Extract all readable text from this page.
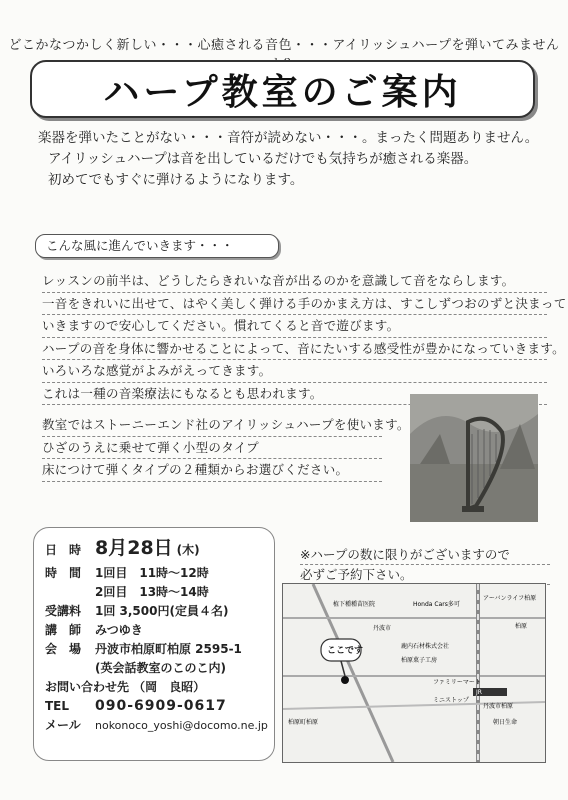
どこかなつかしく新しい・・・心癒される音色・・・アイリッシュハープを弾いてみません
ハープ教室のご案内
楽器を弾いたことがない・・・音符が読めない・・・。まったく問題ありません。
アイリッシュハープは音を出しているだけでも気持ちが癒される楽器。
初めてでもすぐに弾けるようになります。
こんな風に進んでいきます・・・
レッスンの前半は、どうしたらきれいな音が出るのかを意識して音をならします。
一音をきれいに出せて、はやく美しく弾ける手のかまえ方は、すこしずつおのずと決まって
いきますので安心してください。慣れてくると音で遊びます。
ハープの音を身体に響かせることによって、音にたいする感受性が豊かになっていきます。
いろいろな感覚がよみがえってきます。
これは一種の音楽療法にもなるとも思われます。
教室ではストーニーエンド社のアイリッシュハープを使います。
ひざのうえに乗せて弾く小型のタイプ
床につけて弾くタイプの２種類からお選びください。
日　時 8月28日 (木)
時　間	1回目　11時～12時
2回目　13時～14時
受講料	1回 3,500円(定員４名)
講　師	みつゆき
会　場	丹波市柏原町柏原 2595-1
(英会話教室のこのこ内)
お問い合わせ先 （岡　良昭）
TEL	090-6909-0617
メール	nokonoco_yoshi@docomo.ne.jp
※ハープの数に限りがございますので
必ずご予約下さい。
JR
ここです
植下種種苗医院	Honda Cars多可
アーバンライフ柏原
丹波市	柏原
鹿内石材株式会社
柏原菓子工房
ファミリーマート
丹波市柏原
柏原町柏原	朝日生命
ミニストップ
